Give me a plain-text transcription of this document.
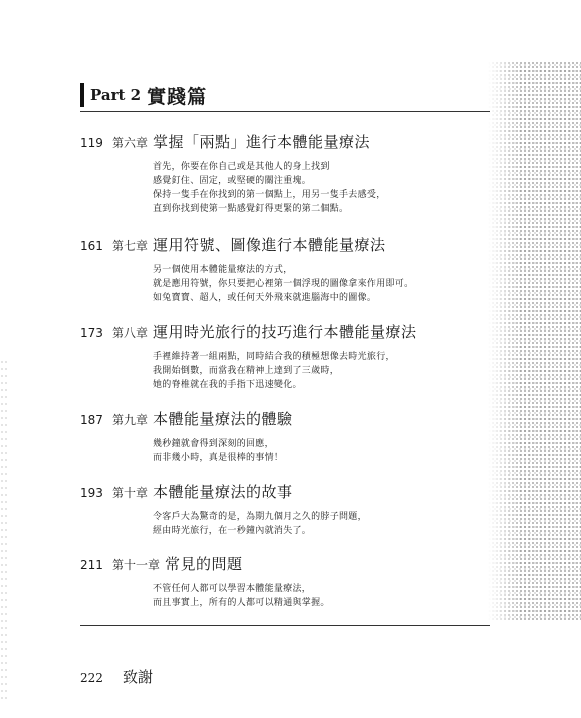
Part 2 實踐篇
119 第六章 掌握「兩點」進行本體能量療法
首先，你要在你自己或是其他人的身上找到
感覺釘住、固定，或堅硬的關注重塊。
保持一隻手在你找到的第一個點上，用另一隻手去感受，
直到你找到使第一點感覺釘得更緊的第二個點。
161 第七章 運用符號、圖像進行本體能量療法
另一個使用本體能量療法的方式，
就是應用符號，你只要把心裡第一個浮現的圖像拿來作用即可。
如兔寶寶、超人，或任何天外飛來就進腦海中的圖像。
173 第八章 運用時光旅行的技巧進行本體能量療法
手裡維持著一組兩點，同時結合我的積極想像去時光旅行，
我開始倒數，而當我在精神上達到了三歲時，
她的脊椎就在我的手指下迅速變化。
187 第九章 本體能量療法的體驗
幾秒鐘就會得到深刻的回應，
而非幾小時，真是很棒的事情！
193 第十章 本體能量療法的故事
令客戶大為驚奇的是，為期九個月之久的脖子問題，
經由時光旅行，在一秒鐘內就消失了。
211 第十一章 常見的問題
不管任何人都可以學習本體能量療法，
而且事實上，所有的人都可以精通與掌握。
222	致謝
